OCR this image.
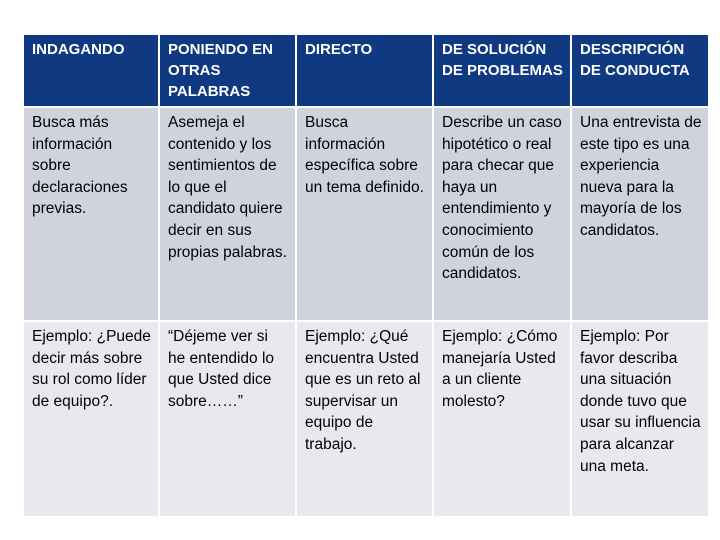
INDAGANDO	PONIENDO EN OTRAS PALABRAS	DIRECTO	DE SOLUCIÓN DE PROBLEMAS	DESCRIPCIÓN DE CONDUCTA
Busca más información sobre declaraciones previas.	Asemeja el contenido y los sentimientos de lo que el candidato quiere decir en sus propias palabras.	Busca información específica sobre un tema definido.	Describe un caso hipotético o real para checar que haya un entendimiento y conocimiento común de los candidatos.	Una entrevista de este tipo es una experiencia nueva para la mayoría de los candidatos.
Ejemplo: ¿Puede decir más sobre su rol como líder de equipo?.	“Déjeme ver si he entendido lo que Usted dice sobre……”	Ejemplo: ¿Qué encuentra Usted que es un reto al supervisar un equipo de trabajo.	Ejemplo: ¿Cómo manejaría Usted a un cliente molesto?	Ejemplo: Por favor describa una situación donde tuvo que usar su influencia para alcanzar una meta.
